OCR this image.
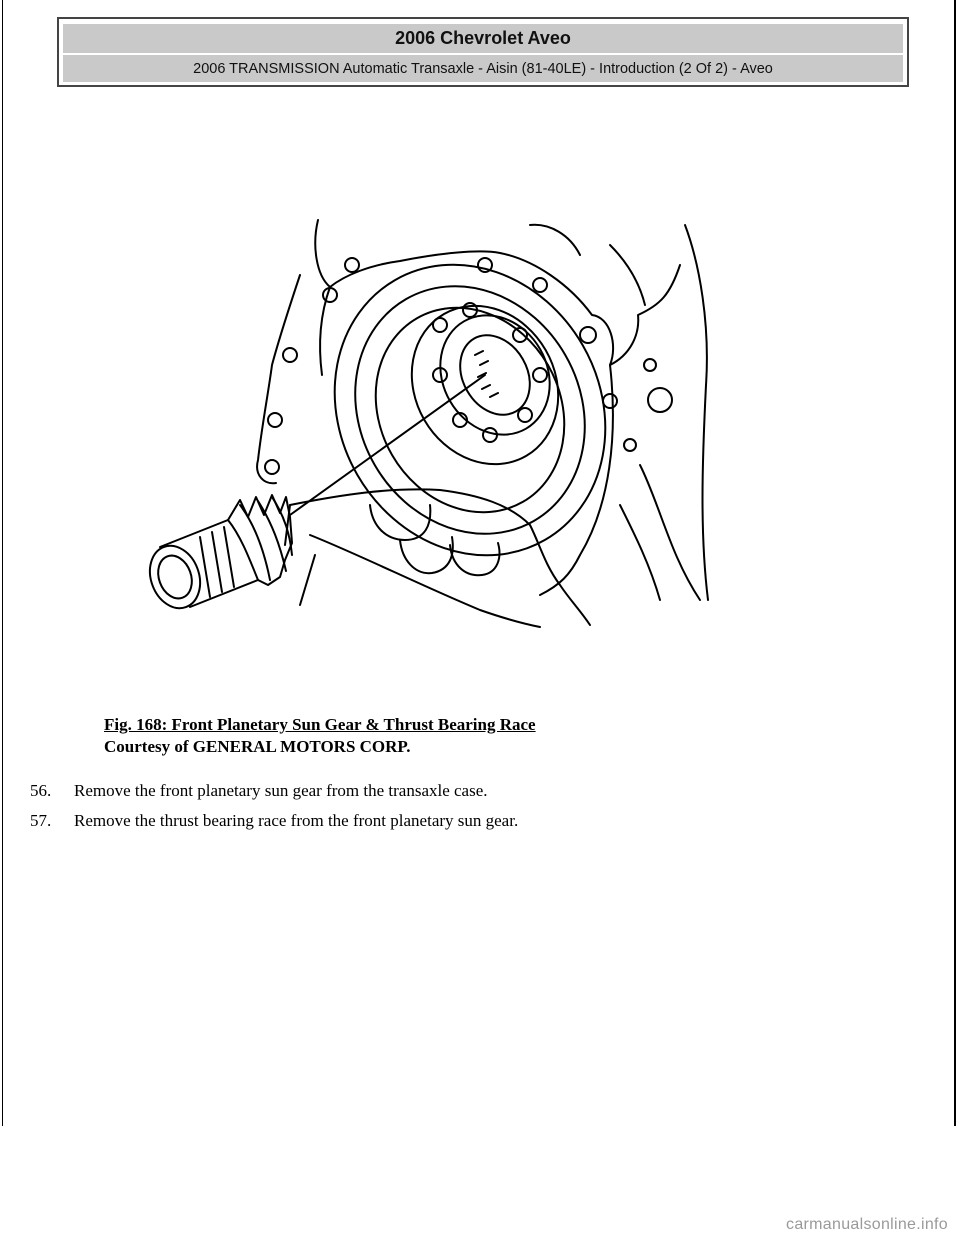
2006 Chevrolet Aveo
2006 TRANSMISSION Automatic Transaxle - Aisin (81-40LE) - Introduction (2 Of 2) - Aveo
Fig. 168: Front Planetary Sun Gear & Thrust Bearing Race
Courtesy of GENERAL MOTORS CORP.
56.	Remove the front planetary sun gear from the transaxle case.
57.	Remove the thrust bearing race from the front planetary sun gear.
carmanualsonline.info
